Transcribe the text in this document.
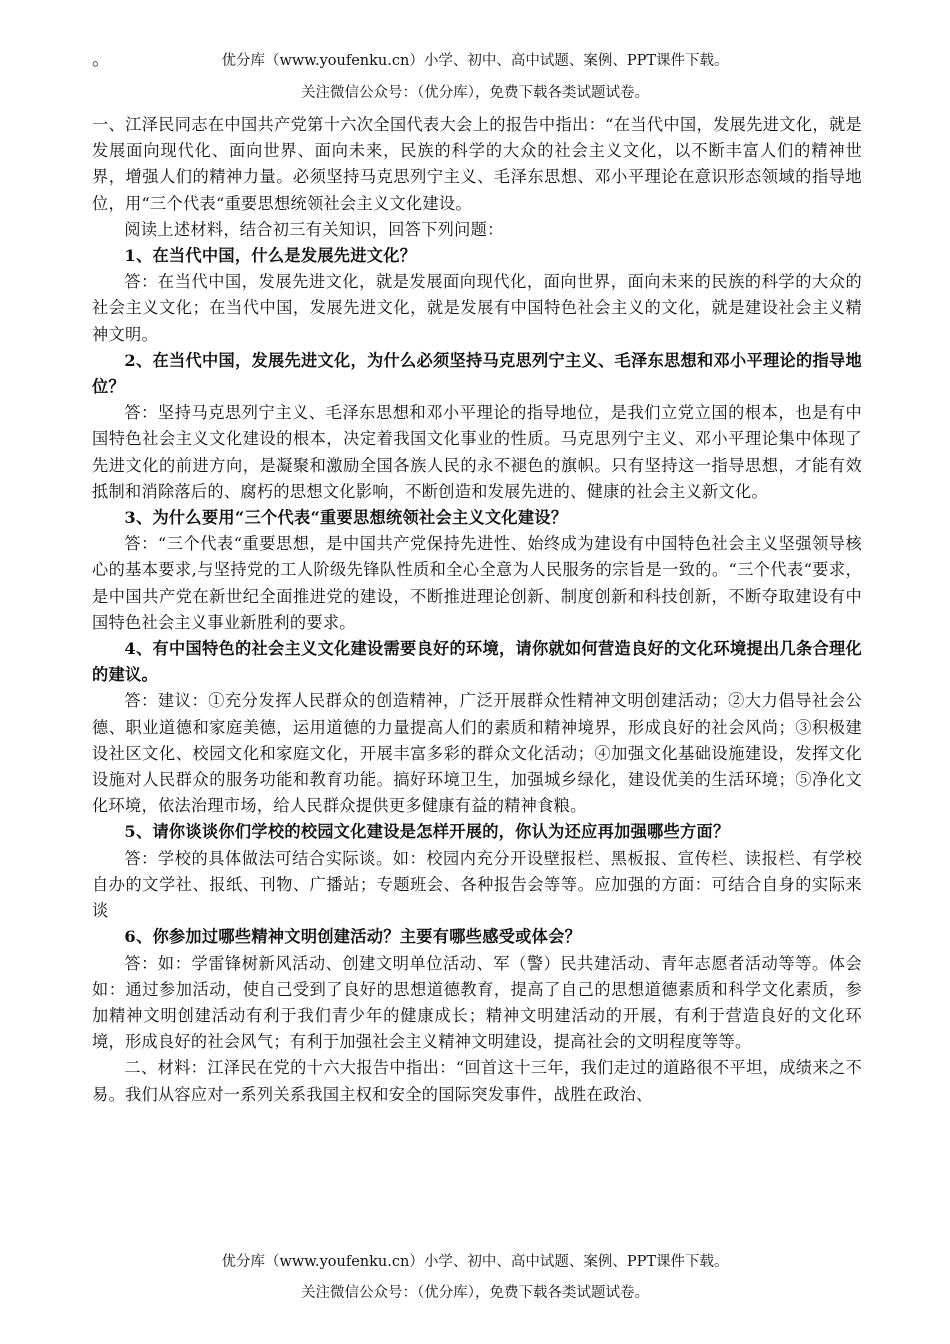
。	优分库（www.youfenku.cn）小学、初中、高中试题、案例、PPT课件下载。
关注微信公众号：（优分库），免费下载各类试题试卷。

一、江泽民同志在中国共产党第十六次全国代表大会上的报告中指出：“在当代中国，发展先进文化，就是发展面向现代化、面向世界、面向未来，民族的科学的大众的社会主义文化，以不断丰富人们的精神世界，增强人们的精神力量。必须坚持马克思列宁主义、毛泽东思想、邓小平理论在意识形态领域的指导地位，用“三个代表“重要思想统领社会主义文化建设。

阅读上述材料，结合初三有关知识，回答下列问题：

1、在当代中国，什么是发展先进文化？

答：在当代中国，发展先进文化，就是发展面向现代化，面向世界，面向未来的民族的科学的大众的社会主义文化；在当代中国，发展先进文化，就是发展有中国特色社会主义的文化，就是建设社会主义精神文明。

2、在当代中国，发展先进文化，为什么必须坚持马克思列宁主义、毛泽东思想和邓小平理论的指导地位？

答：坚持马克思列宁主义、毛泽东思想和邓小平理论的指导地位，是我们立党立国的根本，也是有中国特色社会主义文化建设的根本，决定着我国文化事业的性质。马克思列宁主义、邓小平理论集中体现了先进文化的前进方向，是凝聚和激励全国各族人民的永不褪色的旗帜。只有坚持这一指导思想，才能有效抵制和消除落后的、腐朽的思想文化影响，不断创造和发展先进的、健康的社会主义新文化。

3、为什么要用“三个代表“重要思想统领社会主义文化建设？

答：“三个代表“重要思想，是中国共产党保持先进性、始终成为建设有中国特色社会主义坚强领导核心的基本要求,与坚持党的工人阶级先锋队性质和全心全意为人民服务的宗旨是一致的。“三个代表“要求，是中国共产党在新世纪全面推进党的建设，不断推进理论创新、制度创新和科技创新，不断夺取建设有中国特色社会主义事业新胜利的要求。

4、有中国特色的社会主义文化建设需要良好的环境，请你就如何营造良好的文化环境提出几条合理化的建议。

答：建议：①充分发挥人民群众的创造精神，广泛开展群众性精神文明创建活动；②大力倡导社会公德、职业道德和家庭美德，运用道德的力量提高人们的素质和精神境界，形成良好的社会风尚；③积极建设社区文化、校园文化和家庭文化，开展丰富多彩的群众文化活动；④加强文化基础设施建设，发挥文化设施对人民群众的服务功能和教育功能。搞好环境卫生，加强城乡绿化，建设优美的生活环境；⑤净化文化环境，依法治理市场，给人民群众提供更多健康有益的精神食粮。

5、请你谈谈你们学校的校园文化建设是怎样开展的，你认为还应再加强哪些方面？

答：学校的具体做法可结合实际谈。如：校园内充分开设壁报栏、黑板报、宣传栏、读报栏、有学校自办的文学社、报纸、刊物、广播站；专题班会、各种报告会等等。应加强的方面：可结合自身的实际来谈

6、你参加过哪些精神文明创建活动？主要有哪些感受或体会？

答：如：学雷锋树新风活动、创建文明单位活动、军（警）民共建活动、青年志愿者活动等等。体会如：通过参加活动，使自己受到了良好的思想道德教育，提高了自己的思想道德素质和科学文化素质，参加精神文明创建活动有利于我们青少年的健康成长；精神文明建活动的开展，有利于营造良好的文化环境，形成良好的社会风气；有利于加强社会主义精神文明建设，提高社会的文明程度等等。

二、材料：江泽民在党的十六大报告中指出：“回首这十三年，我们走过的道路很不平坦，成绩来之不易。我们从容应对一系列关系我国主权和安全的国际突发事件，战胜在政治、

优分库（www.youfenku.cn）小学、初中、高中试题、案例、PPT课件下载。
关注微信公众号：（优分库），免费下载各类试题试卷。
